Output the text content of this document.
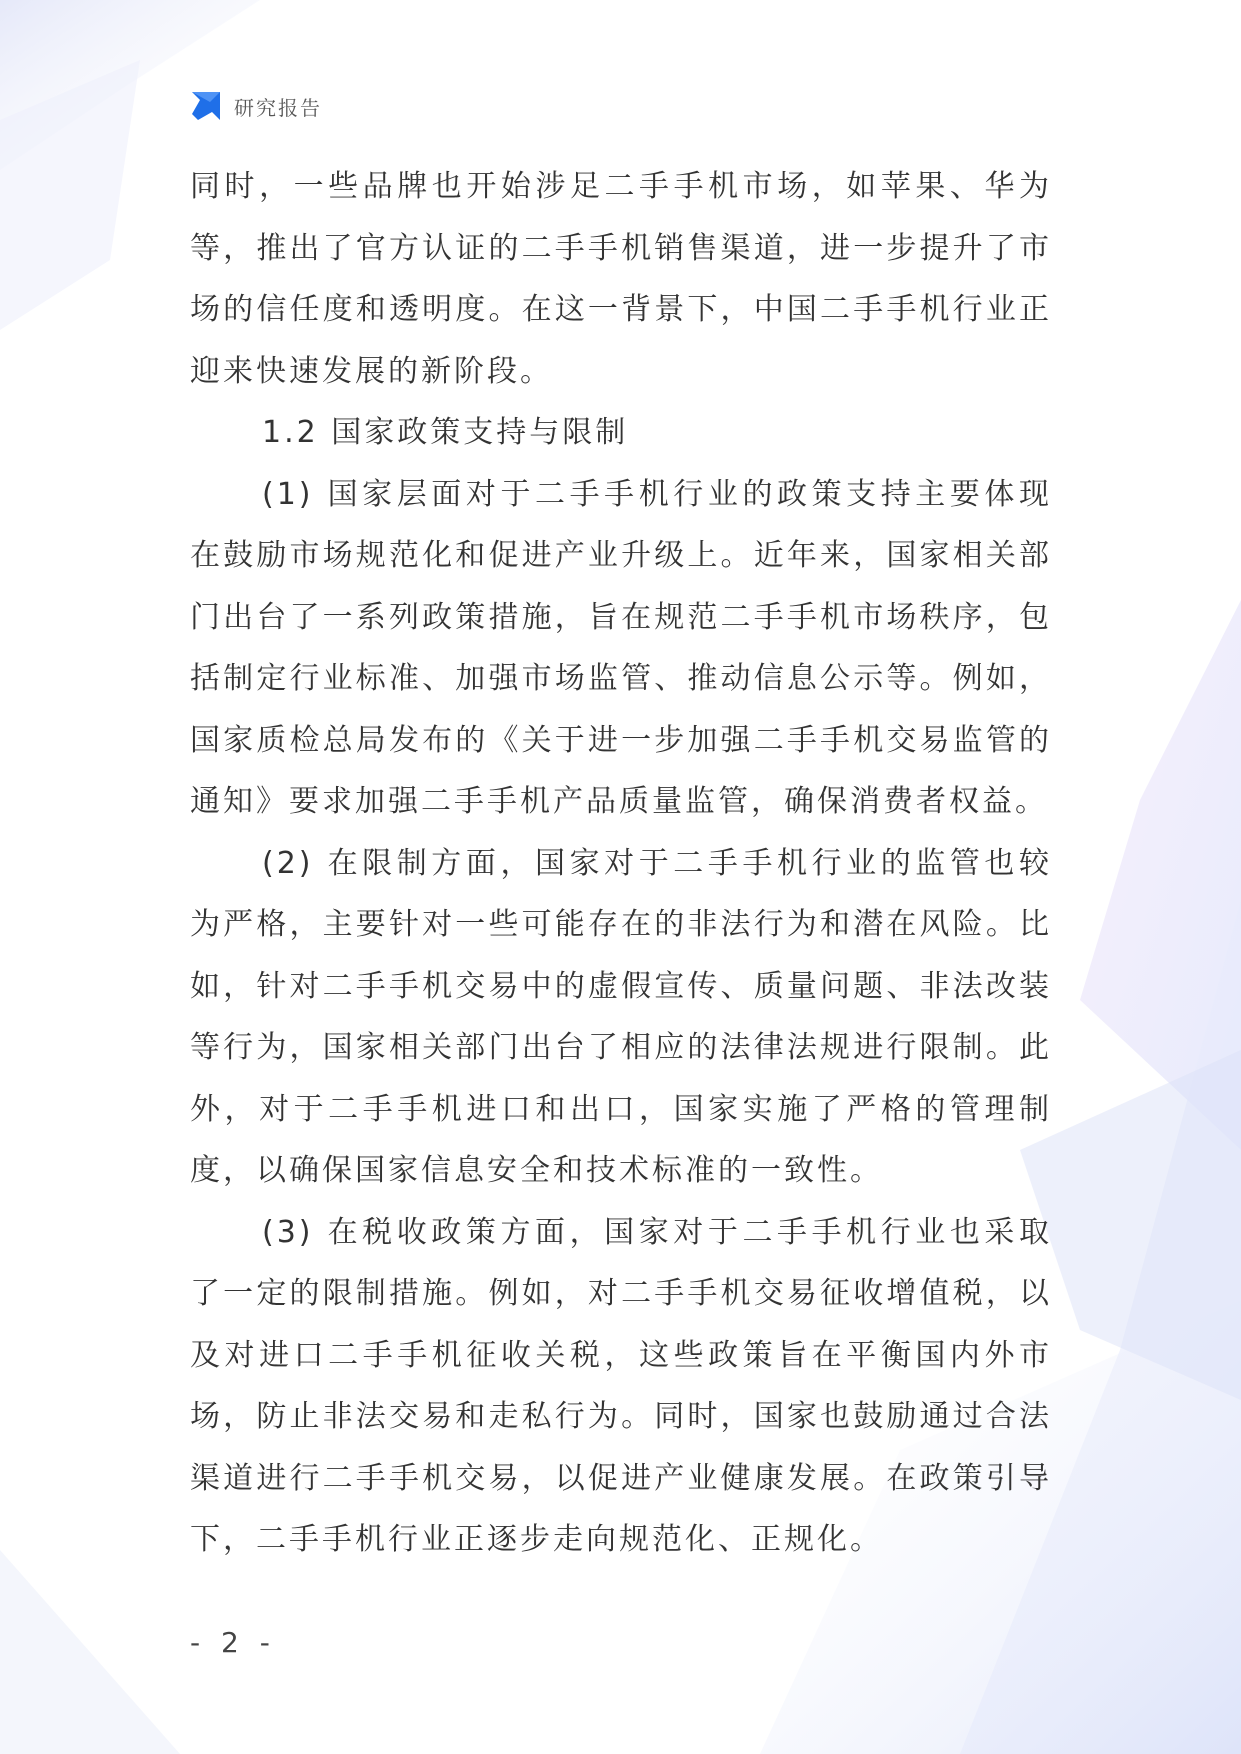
研究报告

同时，一些品牌也开始涉足二手手机市场，如苹果、华为等，推出了官方认证的二手手机销售渠道，进一步提升了市场的信任度和透明度。在这一背景下，中国二手手机行业正迎来快速发展的新阶段。

1.2 国家政策支持与限制

(1) 国家层面对于二手手机行业的政策支持主要体现在鼓励市场规范化和促进产业升级上。近年来，国家相关部门出台了一系列政策措施，旨在规范二手手机市场秩序，包括制定行业标准、加强市场监管、推动信息公示等。例如，国家质检总局发布的《关于进一步加强二手手机交易监管的通知》要求加强二手手机产品质量监管，确保消费者权益。

(2) 在限制方面，国家对于二手手机行业的监管也较为严格，主要针对一些可能存在的非法行为和潜在风险。比如，针对二手手机交易中的虚假宣传、质量问题、非法改装等行为，国家相关部门出台了相应的法律法规进行限制。此外，对于二手手机进口和出口，国家实施了严格的管理制度，以确保国家信息安全和技术标准的一致性。

(3) 在税收政策方面，国家对于二手手机行业也采取了一定的限制措施。例如，对二手手机交易征收增值税，以及对进口二手手机征收关税，这些政策旨在平衡国内外市场，防止非法交易和走私行为。同时，国家也鼓励通过合法渠道进行二手手机交易，以促进产业健康发展。在政策引导下，二手手机行业正逐步走向规范化、正规化。

- 2 -
